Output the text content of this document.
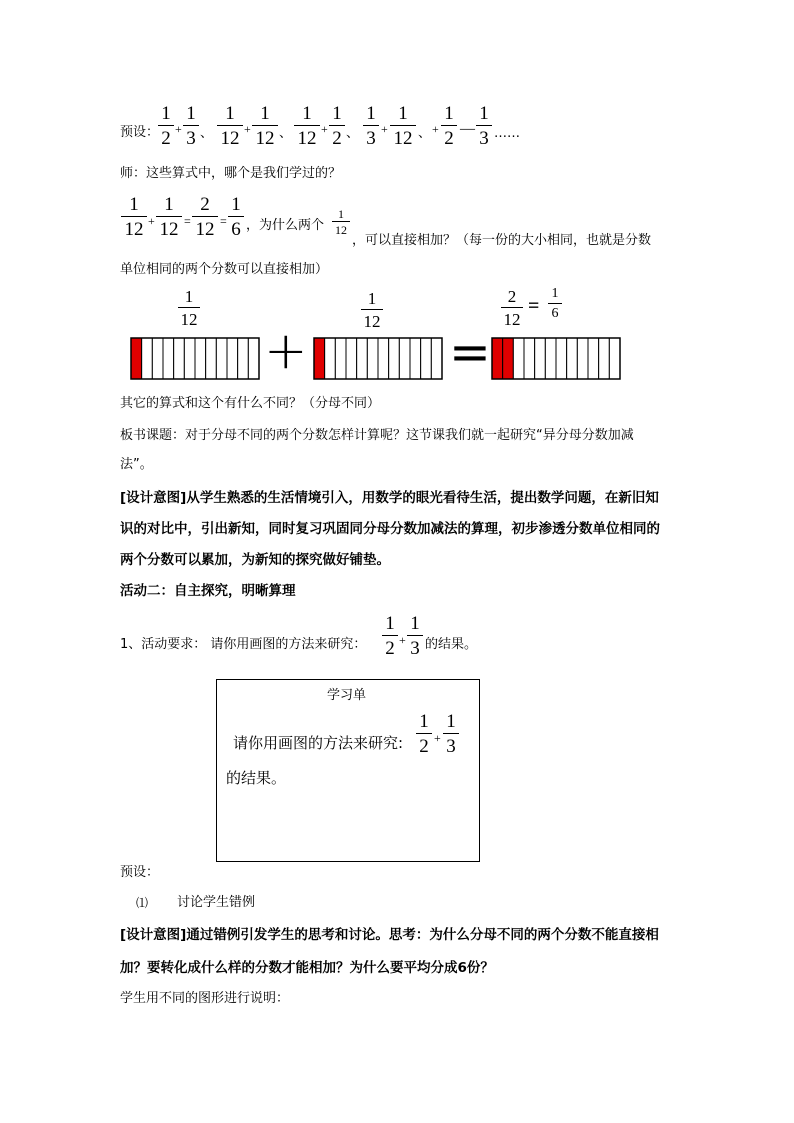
预设：
1
2 +
1
3 、
1
12 +
1
12 、
1
12 +
1
2 、
1
3 +
1
12 、 +
1
2 —
1
3 ……
师：这些算式中，哪个是我们学过的？
1
12 +
1
12 =
2
12 =
1
6 ，为什么两个
1
12
，可以直接相加？（每一份的大小相同，也就是分数
单位相同的两个分数可以直接相加）
1
12
1
12
2
12
=
1
6
+	=
其它的算式和这个有什么不同？（分母不同）
板书课题：对于分母不同的两个分数怎样计算呢？这节课我们就一起研究“异分母分数加减
法”。
[设计意图]从学生熟悉的生活情境引入，用数学的眼光看待生活，提出数学问题，在新旧知
识的对比中，引出新知，同时复习巩固同分母分数加减法的算理，初步渗透分数单位相同的
两个分数可以累加，为新知的探究做好铺垫。
活动二：自主探究，明晰算理
1、活动要求： 请你用画图的方法来研究：
1
2 +
1
3 的结果。
学习单
请你用画图的方法来研究:
1
2 +
1
3
的结果。
预设：
⑴ 讨论学生错例
[设计意图]通过错例引发学生的思考和讨论。思考：为什么分母不同的两个分数不能直接相
加？要转化成什么样的分数才能相加？为什么要平均分成6份？
学生用不同的图形进行说明：
